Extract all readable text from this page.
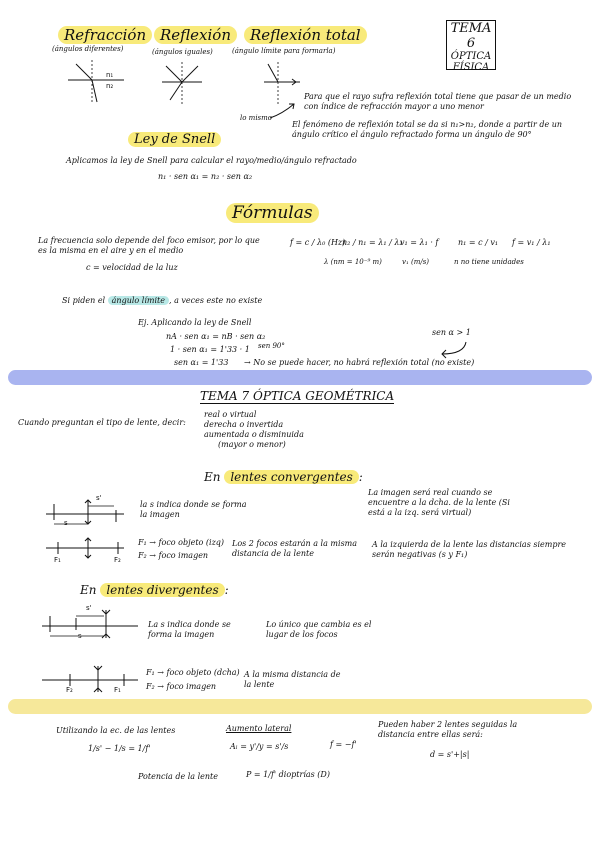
Refracción
(ángulos diferentes)
Reflexión
(ángulos iguales)
Reflexión total
(ángulo límite para formarla)
TEMA 6
ÓPTICA
FÍSICA
n₁
n₂
lo mismo
Para que el rayo sufra reflexión total tiene que pasar de un medio con índice de refracción mayor a uno menor
El fenómeno de reflexión total se da si n₁>n₂, donde a partir de un ángulo crítico el ángulo refractado forma un ángulo de 90°
Ley de Snell
Aplicamos la ley de Snell para calcular el rayo/medio/ángulo refractado
n₁ · sen α₁ = n₂ · sen α₂
Fórmulas
La frecuencia solo depende del foco emisor, por lo que es la misma en el aire y en el medio
c = velocidad de la luz
f = c / λ₀ (Hz)
n₂ / n₁ = λ₁ / λ₂
v₁ = λ₁ · f n₁ = c / v₁ f = v₁ / λ₁
λ (nm = 10⁻⁹ m)	v₁ (m/s)	n no tiene unidades
Si piden el ángulo límite , a veces este no existe
Ej. Aplicando la ley de Snell
nA · sen α₁ = nB · sen α₂
1 · sen α₁ = 1'33 · 1 sen 90°
sen α₁ = 1'33 → No se puede hacer, no habrá reflexión total (no existe)
sen α > 1
TEMA 7 ÓPTICA GEOMÉTRICA
Cuando preguntan el tipo de lente, decir:
real o virtual
derecha o invertida
aumentada o disminuida
(mayor o menor)
En lentes convergentes :
s'
s
la s indica donde se forma la imagen
La imagen será real cuando se encuentre a la dcha. de la lente (Si está a la izq. será virtual)
F₁	F₂
F₁ → foco objeto (izq)
F₂ → foco imagen
Los 2 focos estarán a la misma distancia de la lente
A la izquierda de la lente las distancias siempre serán negativas (s y F₁)
En lentes divergentes :
s'
s
La s indica donde se forma la imagen
Lo único que cambia es el lugar de los focos
F₂	F₁
F₁ → foco objeto (dcha)
F₂ → foco imagen
A la misma distancia de la lente
Utilizando la ec. de las lentes
1/s' − 1/s = 1/f'
Aumento lateral
Aₗ = y'/y = s'/s	f = −f'
Pueden haber 2 lentes seguidas la distancia entre ellas será:
d = s'+|s|
Potencia de la lente	P = 1/f' dioptrías (D)
